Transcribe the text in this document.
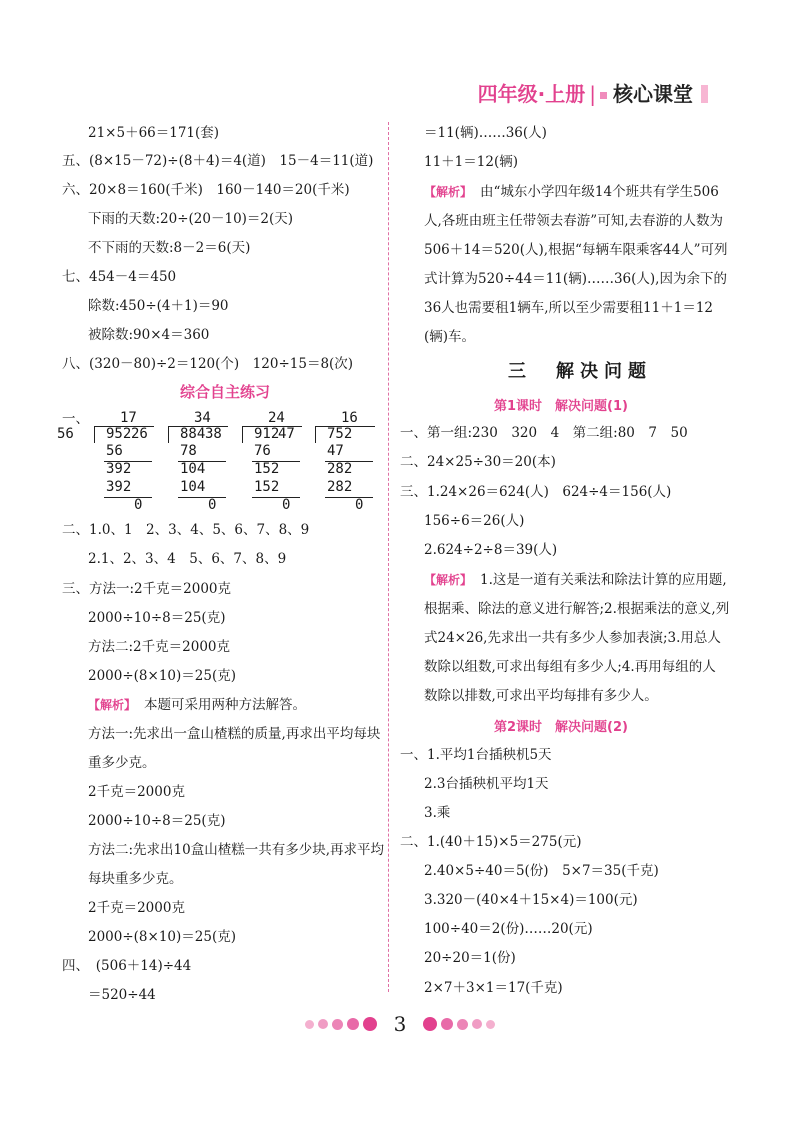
四年级·上册 | 核心课堂
21×5＋66＝171(套)
五、(8×15－72)÷(8＋4)＝4(道)　15－4＝11(道)
六、20×8＝160(千米)　160－140＝20(千米)
下雨的天数:20÷(20－10)＝2(天)
不下雨的天数:8－2＝6(天)
七、454－4＝450
除数:450÷(4＋1)＝90
被除数:90×4＝360
八、(320－80)÷2＝120(个)　120÷15＝8(次)
二、1.0、1　2、3、4、5、6、7、8、9
2.1、2、3、4　5、6、7、8、9
三、方法一:2千克＝2000克
2000÷10÷8＝25(克)
方法二:2千克＝2000克
2000÷(8×10)＝25(克)
【解析】 本题可采用两种方法解答。
方法一:先求出一盒山楂糕的质量,再求出平均每块
重多少克。
2千克＝2000克
2000÷10÷8＝25(克)
方法二:先求出10盒山楂糕一共有多少块,再求平均
每块重多少克。
2千克＝2000克
2000÷(8×10)＝25(克)
四、　(506＋14)÷44
＝520÷44
＝11(辆)……36(人)
11＋1＝12(辆)
【解析】 由“城东小学四年级14个班共有学生506
人,各班由班主任带领去春游”可知,去春游的人数为
506＋14＝520(人),根据“每辆车限乘客44人”可列
式计算为520÷44＝11(辆)……36(人),因为余下的
36人也需要租1辆车,所以至少需要租11＋1＝12
(辆)车。
一、第一组:230　320　4　第二组:80　7　50
二、24×25÷30＝20(本)
三、1.24×26＝624(人)　624÷4＝156(人)
156÷6＝26(人)
2.624÷2÷8＝39(人)
【解析】 1.这是一道有关乘法和除法计算的应用题,
根据乘、除法的意义进行解答;2.根据乘法的意义,列
式24×26,先求出一共有多少人参加表演;3.用总人
数除以组数,可求出每组有多少人;4.再用每组的人
数除以排数,可求出平均每排有多少人。
一、1.平均1台插秧机5天
2.3台插秧机平均1天
3.乘
二、1.(40＋15)×5＝275(元)
2.40×5÷40＝5(份)　5×7＝35(千克)
3.320－(40×4＋15×4)＝100(元)
100÷40＝2(份)……20(元)
20÷20＝1(份)
2×7＋3×1＝17(千克)
综合自主练习
三　解决问题
第1课时　解决问题(1)
第2课时　解决问题(2)
一、 17
56 952
56
392
392
0
34
26 884
78
104
104
0
24
38 912
76
152
152
0
16
47 752
47
282
282
0
3
